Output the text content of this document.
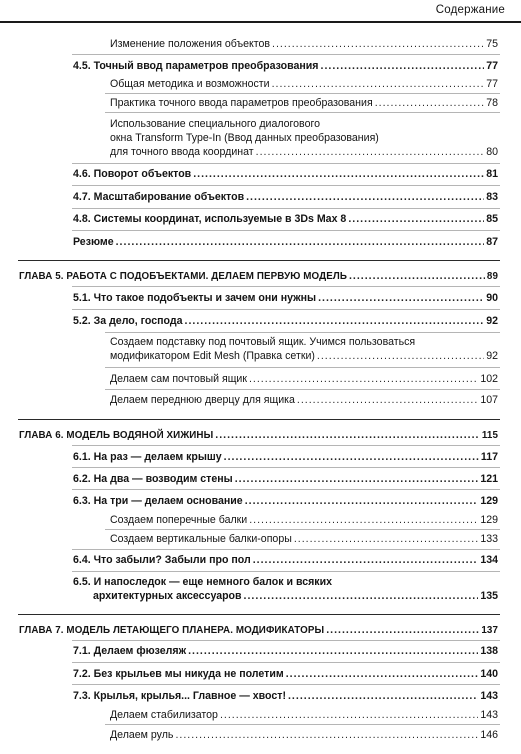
Содержание
Изменение положения объектов .....	75
4.5. Точный ввод параметров преобразования .....	77
Общая методика и возможности .....	77
Практика точного ввода параметров преобразования .....	78
Использование специального диалогового
окна Transform Type-In (Ввод данных преобразования)
для точного ввода координат .....	80
4.6. Поворот объектов .....	81
4.7. Масштабирование объектов .....	83
4.8. Системы координат, используемые в 3Ds Max 8 .....	85
Резюме .....	87
ГЛАВА 5. РАБОТА С ПОДОБЪЕКТАМИ. ДЕЛАЕМ ПЕРВУЮ МОДЕЛЬ .....	89
5.1. Что такое подобъекты и зачем они нужны .....	90
5.2. За дело, господа .....	92
Создаем подставку под почтовый ящик. Учимся пользоваться
модификатором Edit Mesh (Правка сетки) .....	92
Делаем сам почтовый ящик .....	102
Делаем переднюю дверцу для ящика .....	107
ГЛАВА 6. МОДЕЛЬ ВОДЯНОЙ ХИЖИНЫ .....	115
6.1. На раз — делаем крышу .....	117
6.2. На два — возводим стены .....	121
6.3. На три — делаем основание .....	129
Создаем поперечные балки .....	129
Создаем вертикальные балки-опоры .....	133
6.4. Что забыли? Забыли про пол .....	134
6.5. И напоследок — еще немного балок и всяких
архитектурных аксессуаров .....	135
ГЛАВА 7. МОДЕЛЬ ЛЕТАЮЩЕГО ПЛАНЕРА. МОДИФИКАТОРЫ .....	137
7.1. Делаем фюзеляж .....	138
7.2. Без крыльев мы никуда не полетим .....	140
7.3. Крылья, крылья... Главное — хвост! .....	143
Делаем стабилизатор .....	143
Делаем руль .....	146
